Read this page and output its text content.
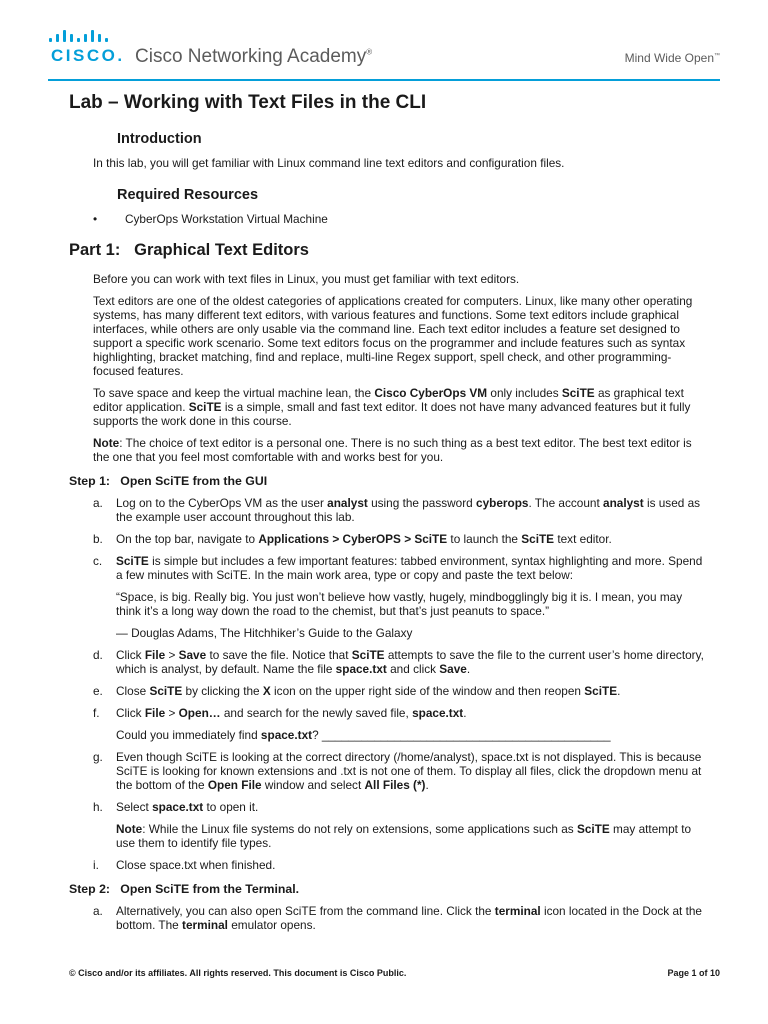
CISCO. Cisco Networking Academy®	Mind Wide Open™
Lab – Working with Text Files in the CLI
Introduction
In this lab, you will get familiar with Linux command line text editors and configuration files.
Required Resources
•	CyberOps Workstation Virtual Machine
Part 1: Graphical Text Editors
Before you can work with text files in Linux, you must get familiar with text editors.
Text editors are one of the oldest categories of applications created for computers. Linux, like many other operating systems, has many different text editors, with various features and functions. Some text editors include graphical interfaces, while others are only usable via the command line. Each text editor includes a feature set designed to support a specific work scenario. Some text editors focus on the programmer and include features such as syntax highlighting, bracket matching, find and replace, multi-line Regex support, spell check, and other programming-focused features.
To save space and keep the virtual machine lean, the Cisco CyberOps VM only includes SciTE as graphical text editor application. SciTE is a simple, small and fast text editor. It does not have many advanced features but it fully supports the work done in this course.
Note: The choice of text editor is a personal one. There is no such thing as a best text editor. The best text editor is the one that you feel most comfortable with and works best for you.
Step 1: Open SciTE from the GUI
a.	Log on to the CyberOps VM as the user analyst using the password cyberops. The account analyst is used as the example user account throughout this lab.
b.	On the top bar, navigate to Applications > CyberOPS > SciTE to launch the SciTE text editor.
c.	SciTE is simple but includes a few important features: tabbed environment, syntax highlighting and more. Spend a few minutes with SciTE. In the main work area, type or copy and paste the text below:
“Space, is big. Really big. You just won’t believe how vastly, hugely, mindbogglingly big it is. I mean, you may think it’s a long way down the road to the chemist, but that’s just peanuts to space.”
— Douglas Adams, The Hitchhiker’s Guide to the Galaxy
d.	Click File > Save to save the file. Notice that SciTE attempts to save the file to the current user’s home directory, which is analyst, by default. Name the file space.txt and click Save.
e.	Close SciTE by clicking the X icon on the upper right side of the window and then reopen SciTE.
f.	Click File > Open… and search for the newly saved file, space.txt.
Could you immediately find space.txt? ____________________________________________
g.	Even though SciTE is looking at the correct directory (/home/analyst), space.txt is not displayed. This is because SciTE is looking for known extensions and .txt is not one of them. To display all files, click the dropdown menu at the bottom of the Open File window and select All Files (*).
h.	Select space.txt to open it.
Note: While the Linux file systems do not rely on extensions, some applications such as SciTE may attempt to use them to identify file types.
i.	Close space.txt when finished.
Step 2: Open SciTE from the Terminal.
a.	Alternatively, you can also open SciTE from the command line. Click the terminal icon located in the Dock at the bottom. The terminal emulator opens.
© Cisco and/or its affiliates. All rights reserved. This document is Cisco Public.	Page 1 of 10
